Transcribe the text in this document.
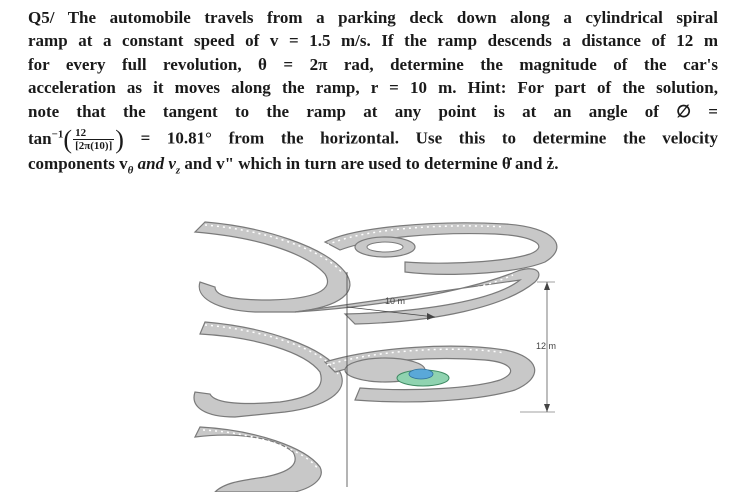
Q5/ The automobile travels from a parking deck down along a cylindrical spiral
ramp at a constant speed of v = 1.5 m/s. If the ramp descends a distance of 12 m
for every full revolution, θ = 2π rad, determine the magnitude of the car's
acceleration as it moves along the ramp, r = 10 m. Hint: For part of the solution,
note that the tangent to the ramp at any point is at an angle of ∅ =
$\tan^{-1}( \frac{12}{[2\pi(10)]}$ ) = 10.81° from the horizontal. Use this to determine the velocity
components $v_\theta$ and $v_z$ and v" which in turn are used to determine θ̇ and ż.
10 m
12 m
